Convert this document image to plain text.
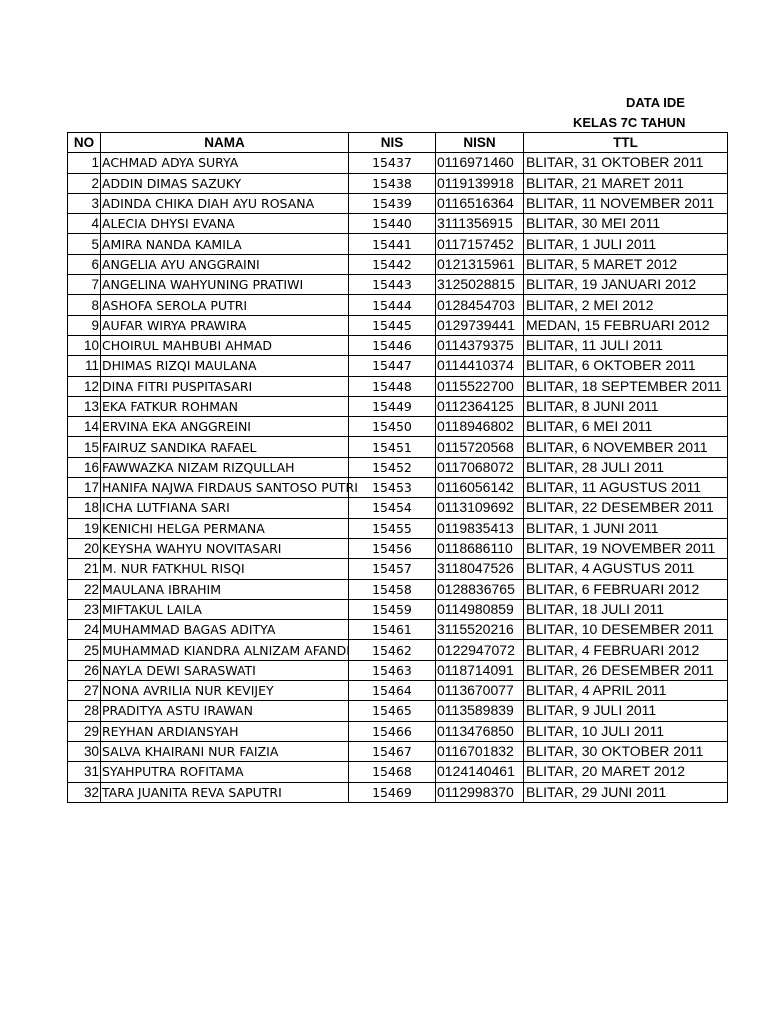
DATA IDE
KELAS 7C TAHUN
NO	NAMA	NIS	NISN	TTL
1	ACHMAD ADYA SURYA	15437	0116971460	BLITAR, 31 OKTOBER 2011
2	ADDIN DIMAS SAZUKY	15438	0119139918	BLITAR, 21 MARET 2011
3	ADINDA CHIKA DIAH AYU ROSANA	15439	0116516364	BLITAR, 11 NOVEMBER 2011
4	ALECIA DHYSI EVANA	15440	3111356915	BLITAR, 30 MEI 2011
5	AMIRA NANDA KAMILA	15441	0117157452	BLITAR, 1 JULI 2011
6	ANGELIA AYU ANGGRAINI	15442	0121315961	BLITAR, 5 MARET 2012
7	ANGELINA WAHYUNING PRATIWI	15443	3125028815	BLITAR, 19 JANUARI 2012
8	ASHOFA SEROLA PUTRI	15444	0128454703	BLITAR, 2 MEI 2012
9	AUFAR WIRYA PRAWIRA	15445	0129739441	MEDAN, 15 FEBRUARI 2012
10	CHOIRUL MAHBUBI AHMAD	15446	0114379375	BLITAR, 11 JULI 2011
11	DHIMAS RIZQI MAULANA	15447	0114410374	BLITAR, 6 OKTOBER 2011
12	DINA FITRI PUSPITASARI	15448	0115522700	BLITAR, 18 SEPTEMBER 2011
13	EKA FATKUR ROHMAN	15449	0112364125	BLITAR, 8 JUNI 2011
14	ERVINA EKA ANGGREINI	15450	0118946802	BLITAR, 6 MEI 2011
15	FAIRUZ SANDIKA RAFAEL	15451	0115720568	BLITAR, 6 NOVEMBER 2011
16	FAWWAZKA NIZAM RIZQULLAH	15452	0117068072	BLITAR, 28 JULI 2011
17	HANIFA NAJWA FIRDAUS SANTOSO PUTRI	15453	0116056142	BLITAR, 11 AGUSTUS 2011
18	ICHA LUTFIANA SARI	15454	0113109692	BLITAR, 22 DESEMBER 2011
19	KENICHI HELGA PERMANA	15455	0119835413	BLITAR, 1 JUNI 2011
20	KEYSHA WAHYU NOVITASARI	15456	0118686110	BLITAR, 19 NOVEMBER 2011
21	M. NUR FATKHUL RISQI	15457	3118047526	BLITAR, 4 AGUSTUS 2011
22	MAULANA IBRAHIM	15458	0128836765	BLITAR, 6 FEBRUARI 2012
23	MIFTAKUL LAILA	15459	0114980859	BLITAR, 18 JULI 2011
24	MUHAMMAD BAGAS ADITYA	15461	3115520216	BLITAR, 10 DESEMBER 2011
25	MUHAMMAD KIANDRA ALNIZAM AFANDI	15462	0122947072	BLITAR, 4 FEBRUARI 2012
26	NAYLA DEWI SARASWATI	15463	0118714091	BLITAR, 26 DESEMBER 2011
27	NONA AVRILIA NUR KEVIJEY	15464	0113670077	BLITAR, 4 APRIL 2011
28	PRADITYA ASTU IRAWAN	15465	0113589839	BLITAR, 9 JULI 2011
29	REYHAN ARDIANSYAH	15466	0113476850	BLITAR, 10 JULI 2011
30	SALVA KHAIRANI NUR FAIZIA	15467	0116701832	BLITAR, 30 OKTOBER 2011
31	SYAHPUTRA ROFITAMA	15468	0124140461	BLITAR, 20 MARET 2012
32	TARA JUANITA REVA SAPUTRI	15469	0112998370	BLITAR, 29 JUNI 2011
